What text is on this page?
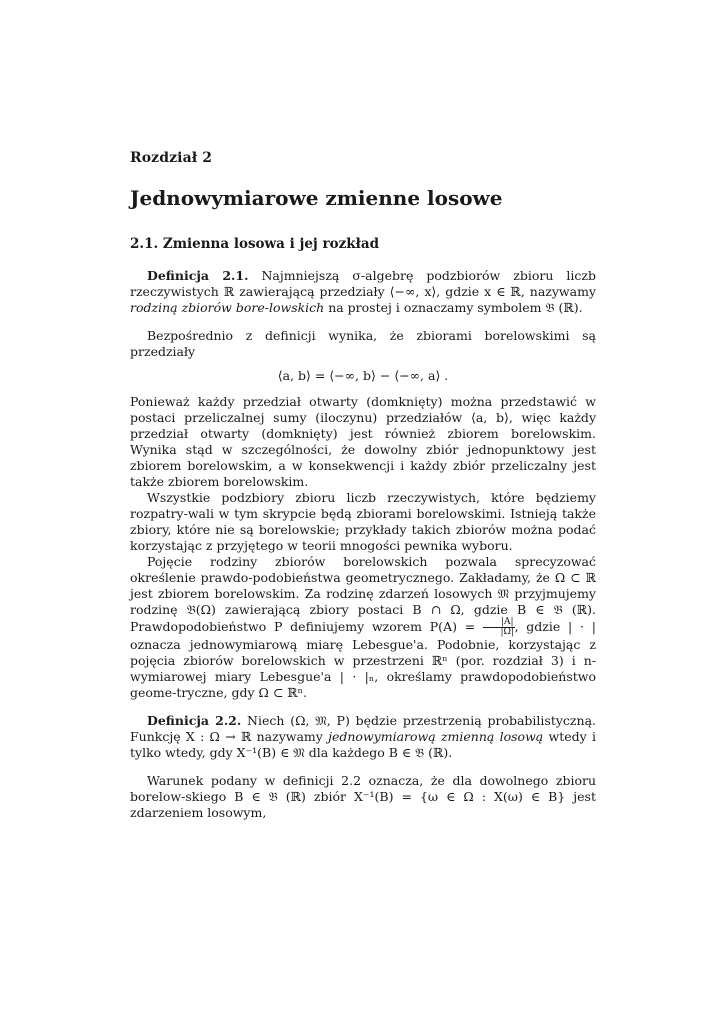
Rozdział 2
Jednowymiarowe zmienne losowe
2.1. Zmienna losowa i jej rozkład

Definicja 2.1. Najmniejszą σ-algebrę podzbiorów zbioru liczb rzeczywistych ℝ zawierającą przedziały ⟨−∞, x⟩, gdzie x ∈ ℝ, nazywamy rodziną zbiorów bore-lowskich na prostej i oznaczamy symbolem 𝔅 (ℝ).

Bezpośrednio z definicji wynika, że zbiorami borelowskimi są przedziały

⟨a, b⟩ = ⟨−∞, b⟩ − ⟨−∞, a⟩ .

Ponieważ każdy przedział otwarty (domknięty) można przedstawić w postaci przeliczalnej sumy (iloczynu) przedziałów ⟨a, b⟩, więc każdy przedział otwarty (domknięty) jest również zbiorem borelowskim. Wynika stąd w szczególności, że dowolny zbiór jednopunktowy jest zbiorem borelowskim, a w konsekwencji i każdy zbiór przeliczalny jest także zbiorem borelowskim.

Wszystkie podzbiory zbioru liczb rzeczywistych, które będziemy rozpatry-wali w tym skrypcie będą zbiorami borelowskimi. Istnieją także zbiory, które nie są borelowskie; przykłady takich zbiorów można podać korzystając z przyjętego w teorii mnogości pewnika wyboru.

Pojęcie rodziny zbiorów borelowskich pozwala sprecyzować określenie prawdo-podobieństwa geometrycznego. Zakładamy, że Ω ⊂ ℝ jest zbiorem borelowskim. Za rodzinę zdarzeń losowych 𝔐 przyjmujemy rodzinę 𝔅(Ω) zawierającą zbiory postaci B ∩ Ω, gdzie B ∈ 𝔅 (ℝ). Prawdopodobieństwo P definiujemy wzorem $P(A) = \frac{|A|}{|\Omega|}$ , gdzie | · | oznacza jednowymiarową miarę Lebesgue'a. Podobnie, korzystając z pojęcia zbiorów borelowskich w przestrzeni ℝⁿ (por. rozdział 3) i n-wymiarowej miary Lebesgue'a | · |ₙ, określamy prawdopodobieństwo geome-tryczne, gdy Ω ⊂ ℝⁿ.

Definicja 2.2. Niech (Ω, 𝔐, P) będzie przestrzenią probabilistyczną. Funkcję X : Ω → ℝ nazywamy jednowymiarową zmienną losową wtedy i tylko wtedy, gdy X⁻¹(B) ∈ 𝔐 dla każdego B ∈ 𝔅 (ℝ).

Warunek podany w definicji 2.2 oznacza, że dla dowolnego zbioru borelow-skiego B ∈ 𝔅 (ℝ) zbiór X⁻¹(B) = {ω ∈ Ω : X(ω) ∈ B} jest zdarzeniem losowym,
